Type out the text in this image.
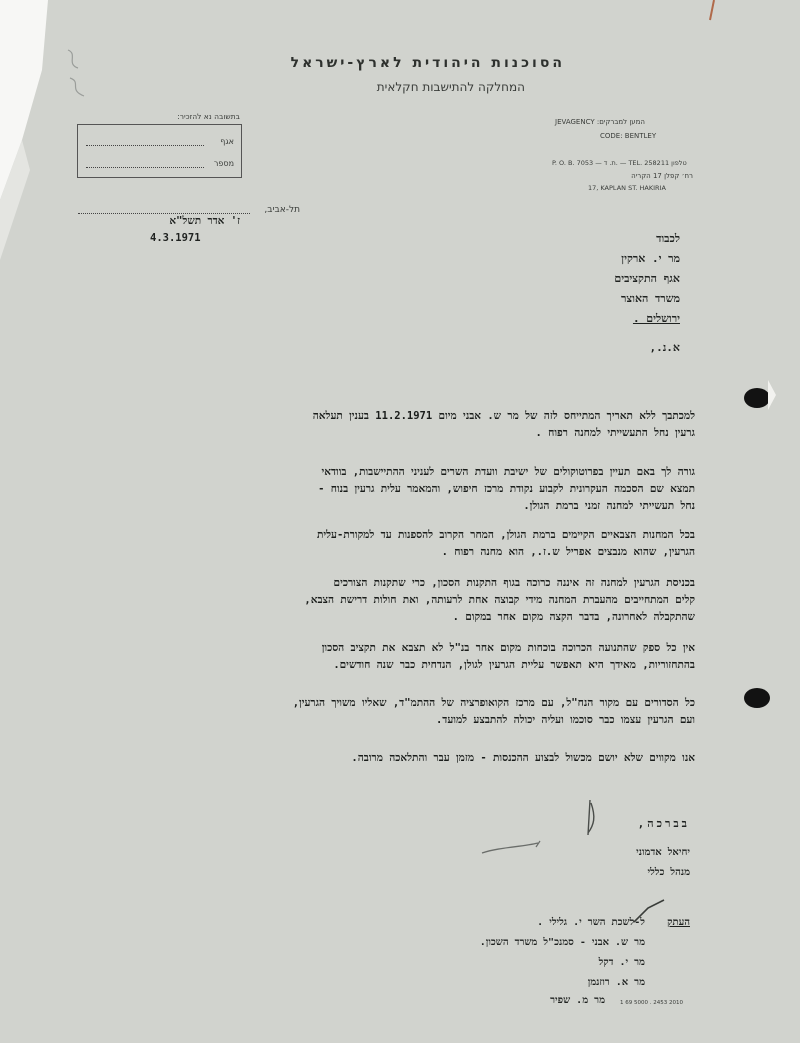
הסוכנות היהודית לארץ-ישראל
המחלקה להתישבות חקלאית
JEVAGENCY :המען למברקים
CODE: BENTLEY
P. O. B. 7053 — ת. ד. — TEL. 258211 טלפון
רח׳ קפלן 17 הקריה
17, KAPLAN ST. HAKIRIA
בתשובה נא להזכיר:
אגף
מספר
תל-אביב,
ז' אדר תשל"א
4.3.1971	לכבוד
מר י. ארקין
אגף התקציבים
משרד האוצר
ירושלים .
א.נ.,
למכתבך ללא תאריך המתייחס לזה של מר ש. אבני מיום 11.2.1971 בענין תעלאה
גרעין נחל התעשייתי למחנה רפוח .
גורה לך באם תעיין בפרוטוקולים של ישיבת וועדת השרים לעניני ההתיישבות, בוודאי
תמצא שם הסכמה העקרונית לקבוע נקודת מרכז חיפוש, והמאמר עלית גרעין בנוח -
נחל תעשייתי למחנה זמני ברמת הגולן.
בכל המחנות הצבאיים הקיימים ברמת הגולן, המחר הקרוב להספנות עד למקורת-עלית
הגרעין, שהוא מנבצים אפריל ש.ז., הוא מחנה רפוח .
בכניסת הגרעין למחנה זה איננה כרוכה בגוף התקנות הסכון, כרי שתקנות הצורכים
קלים המתחייבים מהעברת המחנה מידי קבוצה אחת לרעותה, ואת חולות דרישת הצבא,
שהתקבלה לאחרונה, בדבר הקצה מקום אחר במקום .
אין כל ספק שהתנועה הכרוכה בוכחות מקום אחר בנ"ל לא תצבא את תקציב הסכון
בהתחזוריות, מאידך היא תאפשר עליית הגרעין לגולן, הנדחית כבר שנה חודשים.
כל הסדורים עם מקור הנח"ל, עם מרכז הקואופרציה של ההתמ"ד, שאליו משויך הגרעין,
ועם הגרעין עצמו כבר סוכמו ועליה יכולה להתבצע למועד.
אנו מקווים שלא יושם מכשול לבצוע ההכנסות - מזמן עבר והתלאכה מרובה.
בברכה,
יחיאל אדמוני
מנהל כללי
העתק
ל-לשכת השר י. גלילי .
מר ש. אבני - סמנכ"ל משרד השכון.
מר י. דקל
מר א. רוזנמן
מר מ. שפיר	1 69 5000 . 2453 2010
